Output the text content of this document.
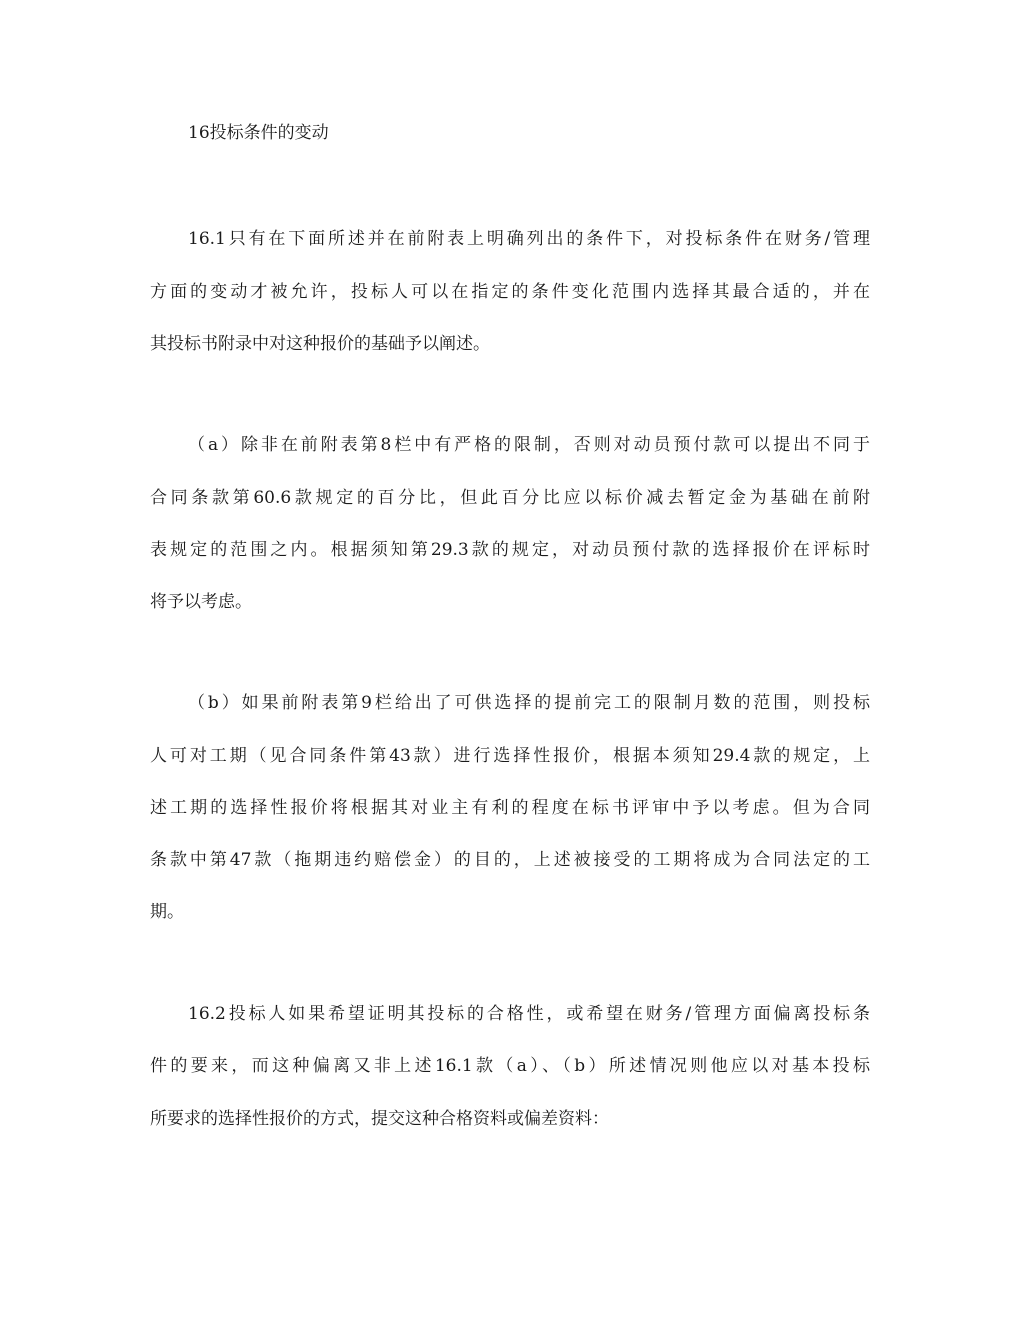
16投标条件的变动

16.1只有在下面所述并在前附表上明确列出的条件下，对投标条件在财务/管理

方面的变动才被允许，投标人可以在指定的条件变化范围内选择其最合适的，并在

其投标书附录中对这种报价的基础予以阐述。

（a）除非在前附表第8栏中有严格的限制，否则对动员预付款可以提出不同于

合同条款第60.6款规定的百分比，但此百分比应以标价减去暂定金为基础在前附

表规定的范围之内。根据须知第29.3款的规定，对动员预付款的选择报价在评标时

将予以考虑。

（b）如果前附表第9栏给出了可供选择的提前完工的限制月数的范围，则投标

人可对工期（见合同条件第43款）进行选择性报价，根据本须知29.4款的规定，上

述工期的选择性报价将根据其对业主有利的程度在标书评审中予以考虑。但为合同

条款中第47款（拖期违约赔偿金）的目的，上述被接受的工期将成为合同法定的工

期。

16.2投标人如果希望证明其投标的合格性，或希望在财务/管理方面偏离投标条

件的要来，而这种偏离又非上述16.1款（a）、（b）所述情况则他应以对基本投标

所要求的选择性报价的方式，提交这种合格资料或偏差资料：
